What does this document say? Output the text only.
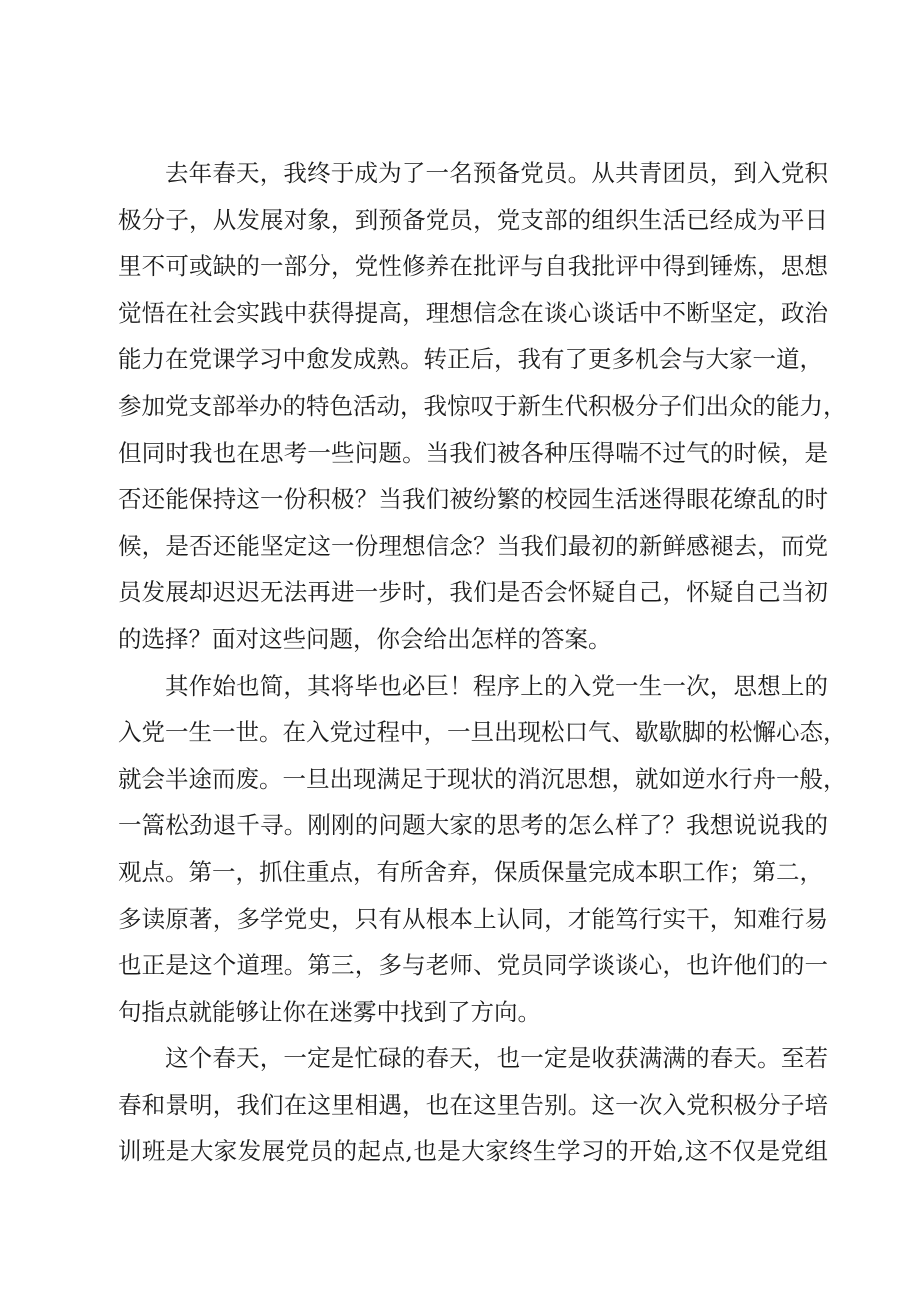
去年春天，我终于成为了一名预备党员。从共青团员，到入党积
极分子，从发展对象，到预备党员，党支部的组织生活已经成为平日
里不可或缺的一部分，党性修养在批评与自我批评中得到锤炼，思想
觉悟在社会实践中获得提高，理想信念在谈心谈话中不断坚定，政治
能力在党课学习中愈发成熟。转正后，我有了更多机会与大家一道，
参加党支部举办的特色活动，我惊叹于新生代积极分子们出众的能力，
但同时我也在思考一些问题。当我们被各种压得喘不过气的时候，是
否还能保持这一份积极？当我们被纷繁的校园生活迷得眼花缭乱的时
候，是否还能坚定这一份理想信念？当我们最初的新鲜感褪去，而党
员发展却迟迟无法再进一步时，我们是否会怀疑自己，怀疑自己当初
的选择？面对这些问题，你会给出怎样的答案。
其作始也简，其将毕也必巨！程序上的入党一生一次，思想上的
入党一生一世。在入党过程中，一旦出现松口气、歇歇脚的松懈心态，
就会半途而废。一旦出现满足于现状的消沉思想，就如逆水行舟一般，
一篙松劲退千寻。刚刚的问题大家的思考的怎么样了？我想说说我的
观点。第一，抓住重点，有所舍弃，保质保量完成本职工作；第二，
多读原著，多学党史，只有从根本上认同，才能笃行实干，知难行易
也正是这个道理。第三，多与老师、党员同学谈谈心，也许他们的一
句指点就能够让你在迷雾中找到了方向。
这个春天，一定是忙碌的春天，也一定是收获满满的春天。至若
春和景明，我们在这里相遇，也在这里告别。这一次入党积极分子培
训班是大家发展党员的起点,也是大家终生学习的开始,这不仅是党组
